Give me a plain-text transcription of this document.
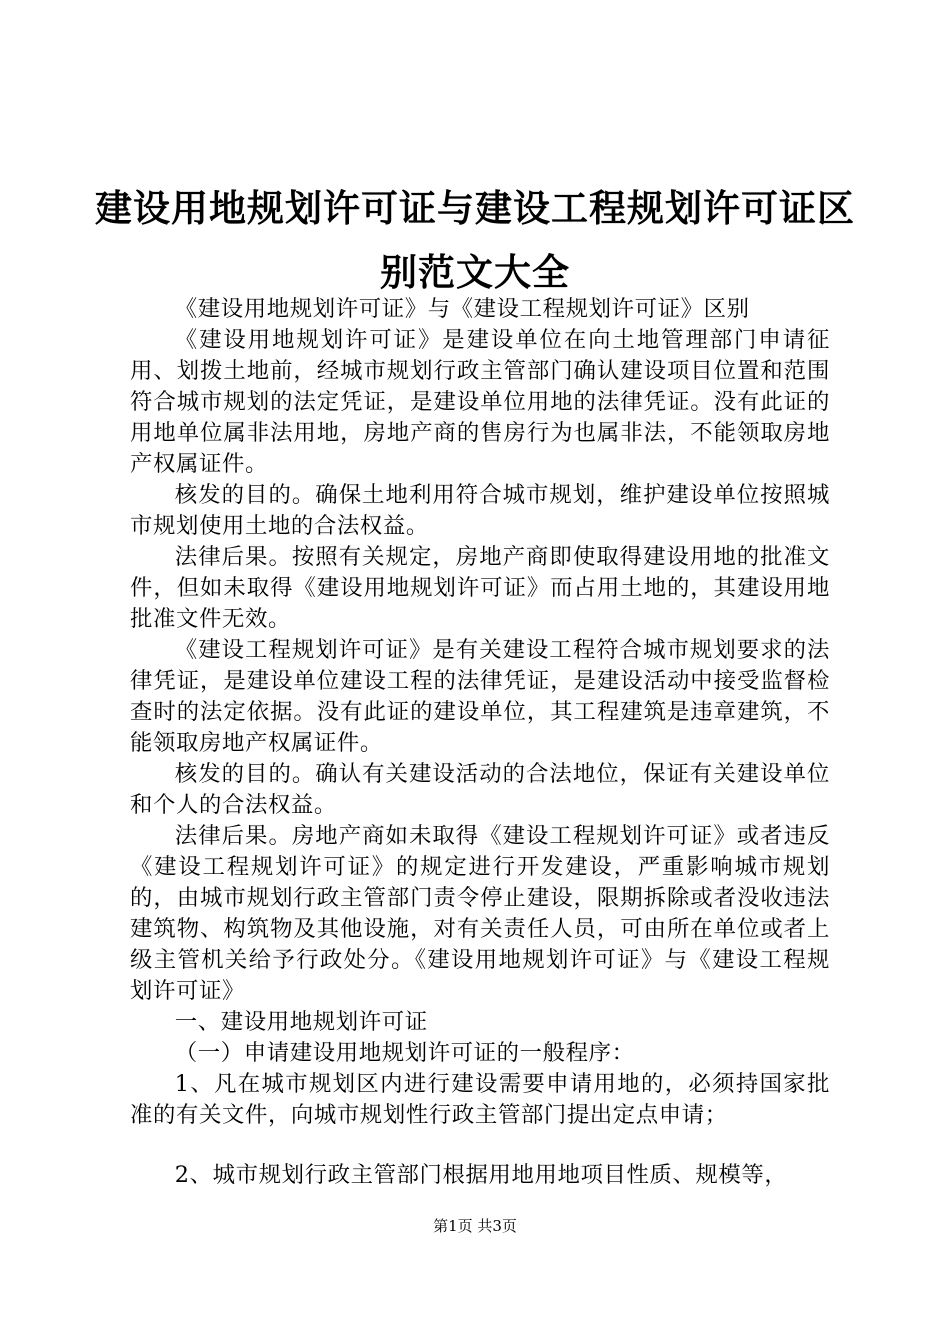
建设用地规划许可证与建设工程规划许可证区
别范文大全

《建设用地规划许可证》与《建设工程规划许可证》区别

《建设用地规划许可证》是建设单位在向土地管理部门申请征用、划拨土地前，经城市规划行政主管部门确认建设项目位置和范围符合城市规划的法定凭证，是建设单位用地的法律凭证。没有此证的用地单位属非法用地，房地产商的售房行为也属非法，不能领取房地产权属证件。

核发的目的。确保土地利用符合城市规划，维护建设单位按照城市规划使用土地的合法权益。

法律后果。按照有关规定，房地产商即使取得建设用地的批准文件，但如未取得《建设用地规划许可证》而占用土地的，其建设用地批准文件无效。

《建设工程规划许可证》是有关建设工程符合城市规划要求的法律凭证，是建设单位建设工程的法律凭证，是建设活动中接受监督检查时的法定依据。没有此证的建设单位，其工程建筑是违章建筑，不能领取房地产权属证件。

核发的目的。确认有关建设活动的合法地位，保证有关建设单位和个人的合法权益。

法律后果。房地产商如未取得《建设工程规划许可证》或者违反《建设工程规划许可证》的规定进行开发建设，严重影响城市规划的，由城市规划行政主管部门责令停止建设，限期拆除或者没收违法建筑物、构筑物及其他设施，对有关责任人员，可由所在单位或者上级主管机关给予行政处分。《建设用地规划许可证》与《建设工程规划许可证》

一、建设用地规划许可证

（一）申请建设用地规划许可证的一般程序：

1、凡在城市规划区内进行建设需要申请用地的，必须持国家批准的有关文件，向城市规划性行政主管部门提出定点申请；

2、城市规划行政主管部门根据用地用地项目性质、规模等，

第1页 共3页
